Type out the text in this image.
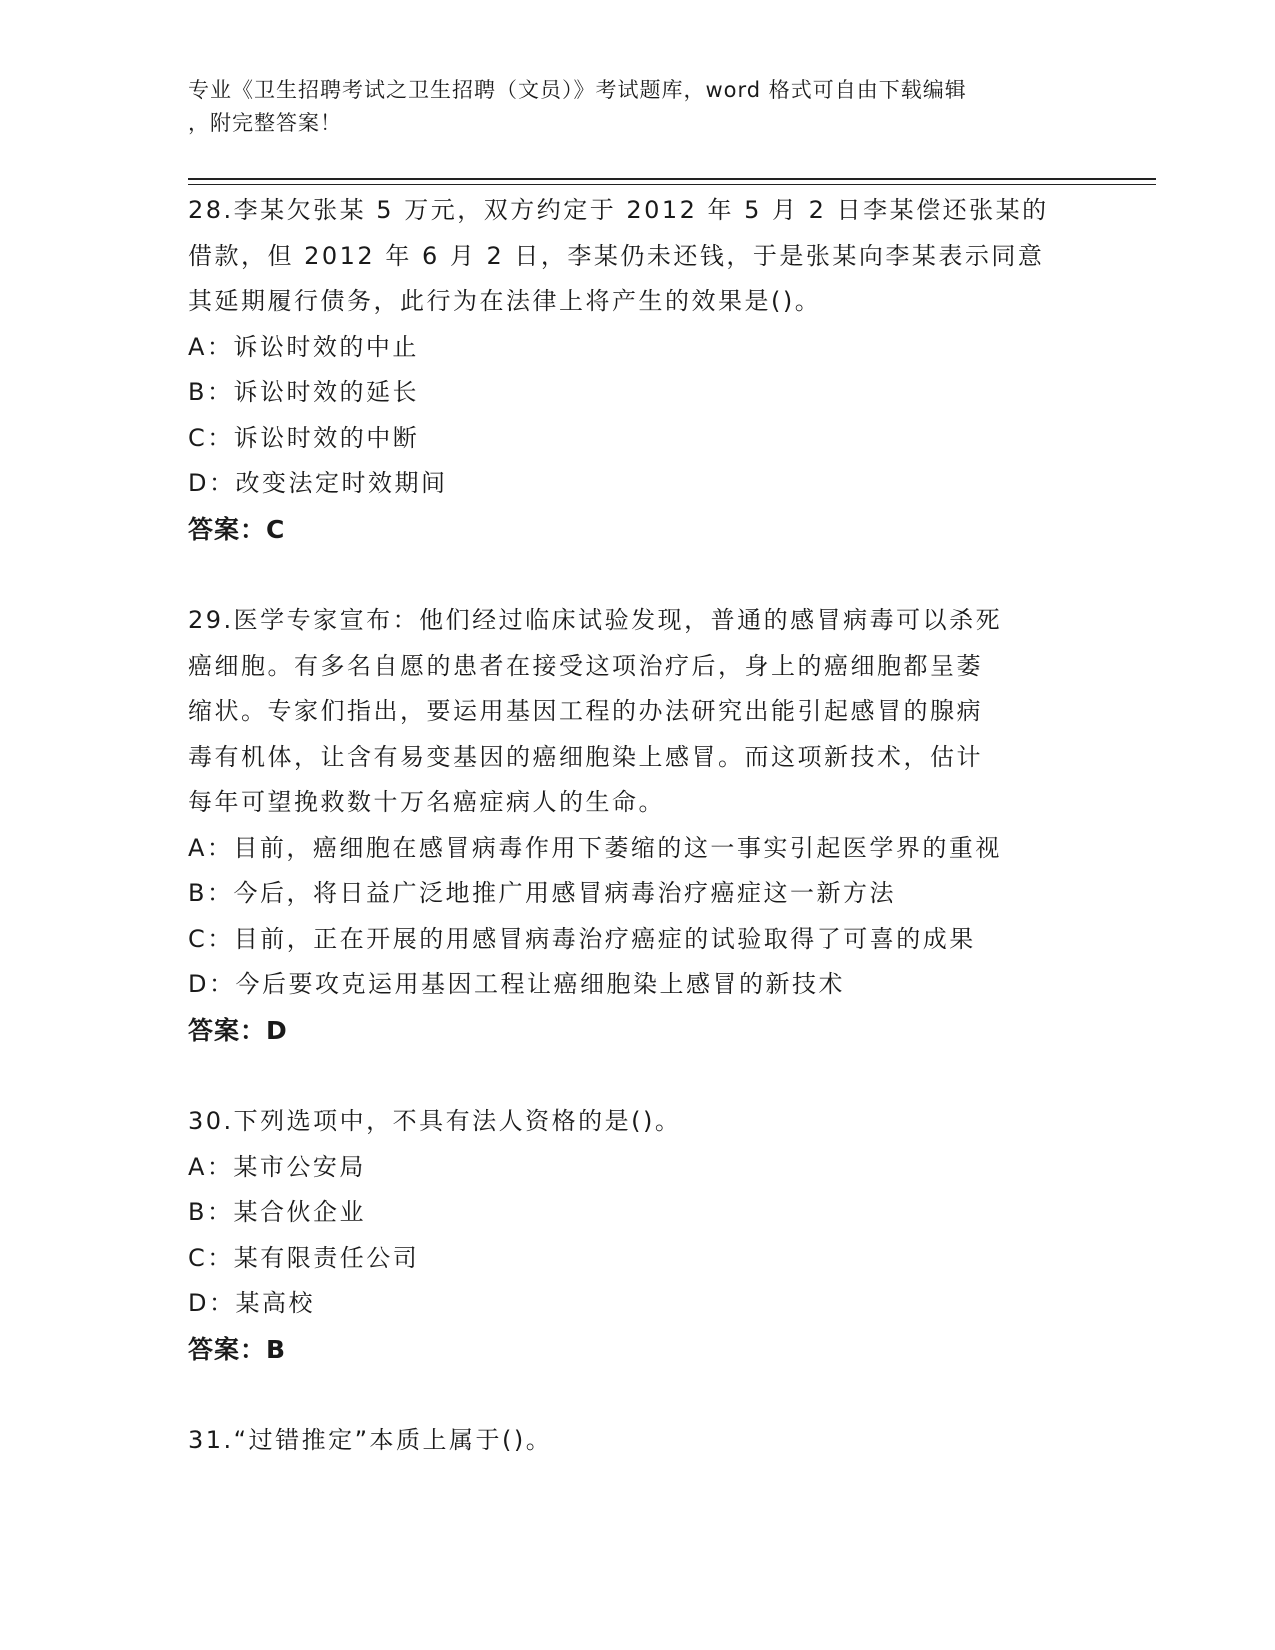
专业《卫生招聘考试之卫生招聘（文员）》考试题库，word 格式可自由下载编辑
，附完整答案！
28.李某欠张某 5 万元，双方约定于 2012 年 5 月 2 日李某偿还张某的
借款，但 2012 年 6 月 2 日，李某仍未还钱，于是张某向李某表示同意
其延期履行债务，此行为在法律上将产生的效果是()。
A：诉讼时效的中止
B：诉讼时效的延长
C：诉讼时效的中断
D：改变法定时效期间
答案：C
29.医学专家宣布：他们经过临床试验发现，普通的感冒病毒可以杀死
癌细胞。有多名自愿的患者在接受这项治疗后，身上的癌细胞都呈萎
缩状。专家们指出，要运用基因工程的办法研究出能引起感冒的腺病
毒有机体，让含有易变基因的癌细胞染上感冒。而这项新技术，估计
每年可望挽救数十万名癌症病人的生命。
A：目前，癌细胞在感冒病毒作用下萎缩的这一事实引起医学界的重视
B：今后，将日益广泛地推广用感冒病毒治疗癌症这一新方法
C：目前，正在开展的用感冒病毒治疗癌症的试验取得了可喜的成果
D：今后要攻克运用基因工程让癌细胞染上感冒的新技术
答案：D
30.下列选项中，不具有法人资格的是()。
A：某市公安局
B：某合伙企业
C：某有限责任公司
D：某高校
答案：B
31.“过错推定”本质上属于()。
